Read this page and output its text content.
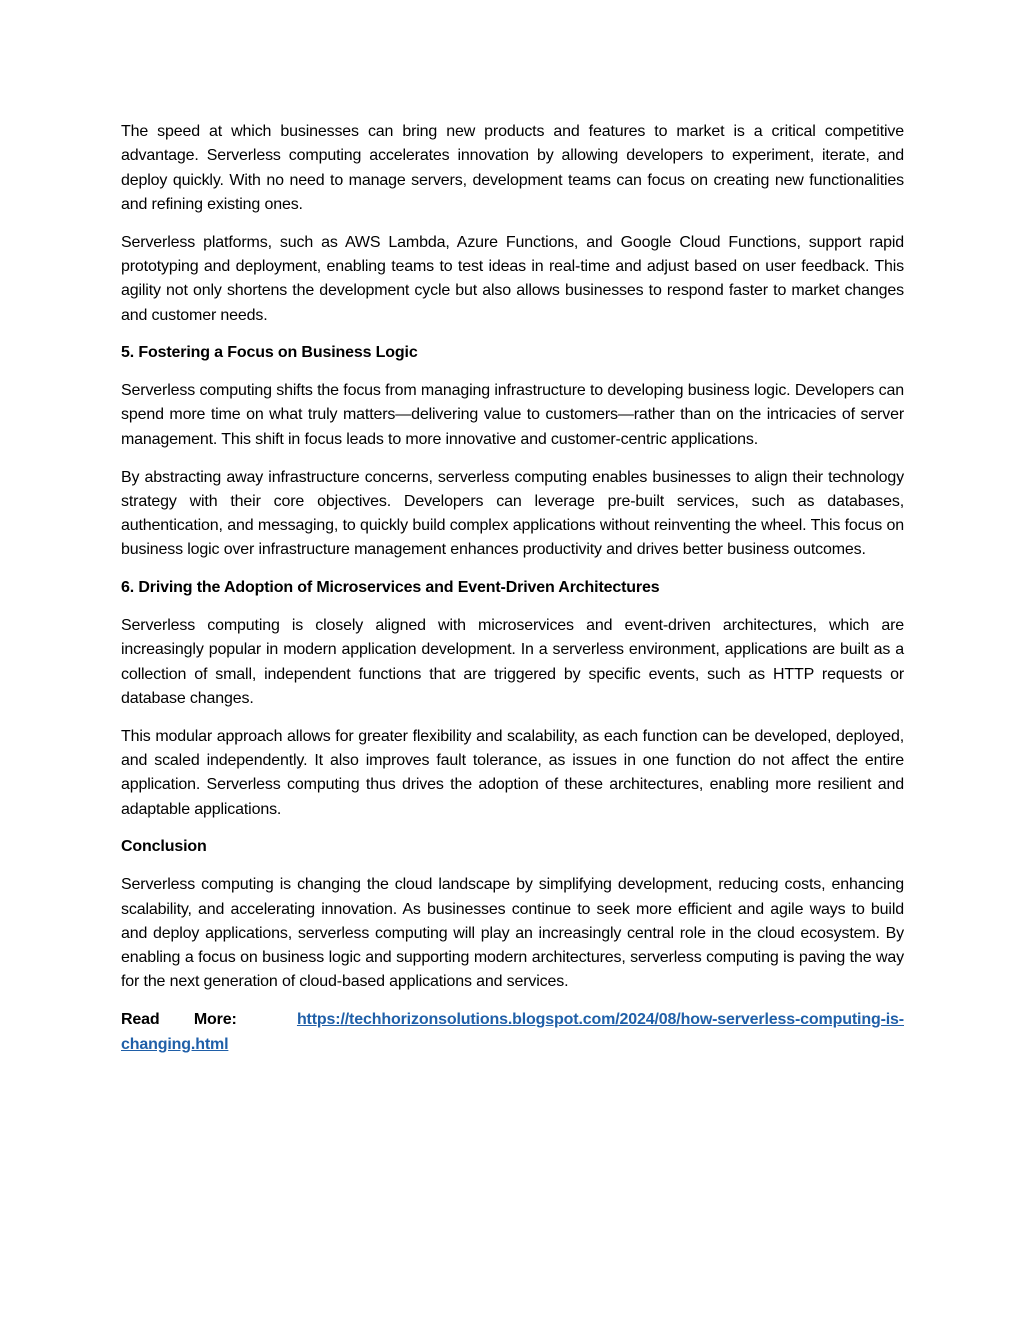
The speed at which businesses can bring new products and features to market is a critical competitive advantage. Serverless computing accelerates innovation by allowing developers to experiment, iterate, and deploy quickly. With no need to manage servers, development teams can focus on creating new functionalities and refining existing ones.

Serverless platforms, such as AWS Lambda, Azure Functions, and Google Cloud Functions, support rapid prototyping and deployment, enabling teams to test ideas in real-time and adjust based on user feedback. This agility not only shortens the development cycle but also allows businesses to respond faster to market changes and customer needs.

5. Fostering a Focus on Business Logic

Serverless computing shifts the focus from managing infrastructure to developing business logic. Developers can spend more time on what truly matters—delivering value to customers—rather than on the intricacies of server management. This shift in focus leads to more innovative and customer-centric applications.

By abstracting away infrastructure concerns, serverless computing enables businesses to align their technology strategy with their core objectives. Developers can leverage pre-built services, such as databases, authentication, and messaging, to quickly build complex applications without reinventing the wheel. This focus on business logic over infrastructure management enhances productivity and drives better business outcomes.

6. Driving the Adoption of Microservices and Event-Driven Architectures

Serverless computing is closely aligned with microservices and event-driven architectures, which are increasingly popular in modern application development. In a serverless environment, applications are built as a collection of small, independent functions that are triggered by specific events, such as HTTP requests or database changes.

This modular approach allows for greater flexibility and scalability, as each function can be developed, deployed, and scaled independently. It also improves fault tolerance, as issues in one function do not affect the entire application. Serverless computing thus drives the adoption of these architectures, enabling more resilient and adaptable applications.

Conclusion

Serverless computing is changing the cloud landscape by simplifying development, reducing costs, enhancing scalability, and accelerating innovation. As businesses continue to seek more efficient and agile ways to build and deploy applications, serverless computing will play an increasingly central role in the cloud ecosystem. By enabling a focus on business logic and supporting modern architectures, serverless computing is paving the way for the next generation of cloud-based applications and services.

Read More:	https://techhorizonsolutions.blogspot.com/2024/08/how-serverless-computing-is-changing.html
